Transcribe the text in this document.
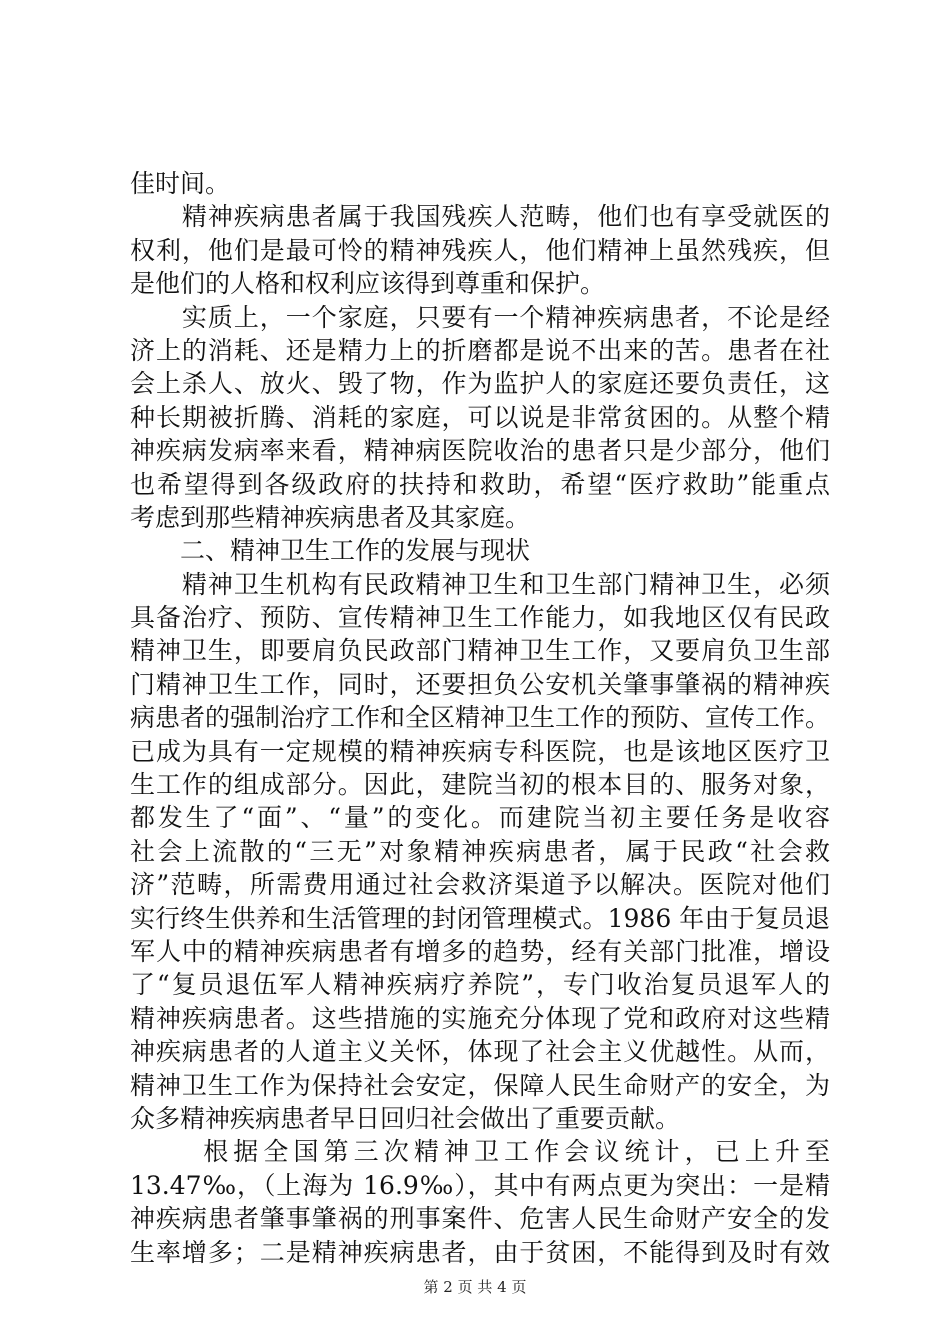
佳时间。
　　精神疾病患者属于我国残疾人范畴，他们也有享受就医的
权利，他们是最可怜的精神残疾人，他们精神上虽然残疾，但
是他们的人格和权利应该得到尊重和保护。
　　实质上，一个家庭，只要有一个精神疾病患者，不论是经
济上的消耗、还是精力上的折磨都是说不出来的苦。患者在社
会上杀人、放火、毁了物，作为监护人的家庭还要负责任，这
种长期被折腾、消耗的家庭，可以说是非常贫困的。从整个精
神疾病发病率来看，精神病医院收治的患者只是少部分，他们
也希望得到各级政府的扶持和救助，希望“医疗救助”能重点
考虑到那些精神疾病患者及其家庭。
　　二、精神卫生工作的发展与现状
　　精神卫生机构有民政精神卫生和卫生部门精神卫生，必须
具备治疗、预防、宣传精神卫生工作能力，如我地区仅有民政
精神卫生，即要肩负民政部门精神卫生工作，又要肩负卫生部
门精神卫生工作，同时，还要担负公安机关肇事肇祸的精神疾
病患者的强制治疗工作和全区精神卫生工作的预防、宣传工作。
已成为具有一定规模的精神疾病专科医院，也是该地区医疗卫
生工作的组成部分。因此，建院当初的根本目的、服务对象，
都发生了“面”、“量”的变化。而建院当初主要任务是收容
社会上流散的“三无”对象精神疾病患者，属于民政“社会救
济”范畴，所需费用通过社会救济渠道予以解决。医院对他们
实行终生供养和生活管理的封闭管理模式。1986 年由于复员退
军人中的精神疾病患者有增多的趋势，经有关部门批准，增设
了“复员退伍军人精神疾病疗养院”，专门收治复员退军人的
精神疾病患者。这些措施的实施充分体现了党和政府对这些精
神疾病患者的人道主义关怀，体现了社会主义优越性。从而，
精神卫生工作为保持社会安定，保障人民生命财产的安全，为
众多精神疾病患者早日回归社会做出了重要贡献。
　　 根据全国第三次精神卫工作会议统计，已上升至
13.47‰，（上海为 16.9‰），其中有两点更为突出：一是精
神疾病患者肇事肇祸的刑事案件、危害人民生命财产安全的发
生率增多；二是精神疾病患者，由于贫困，不能得到及时有效
第 2 页 共 4 页
